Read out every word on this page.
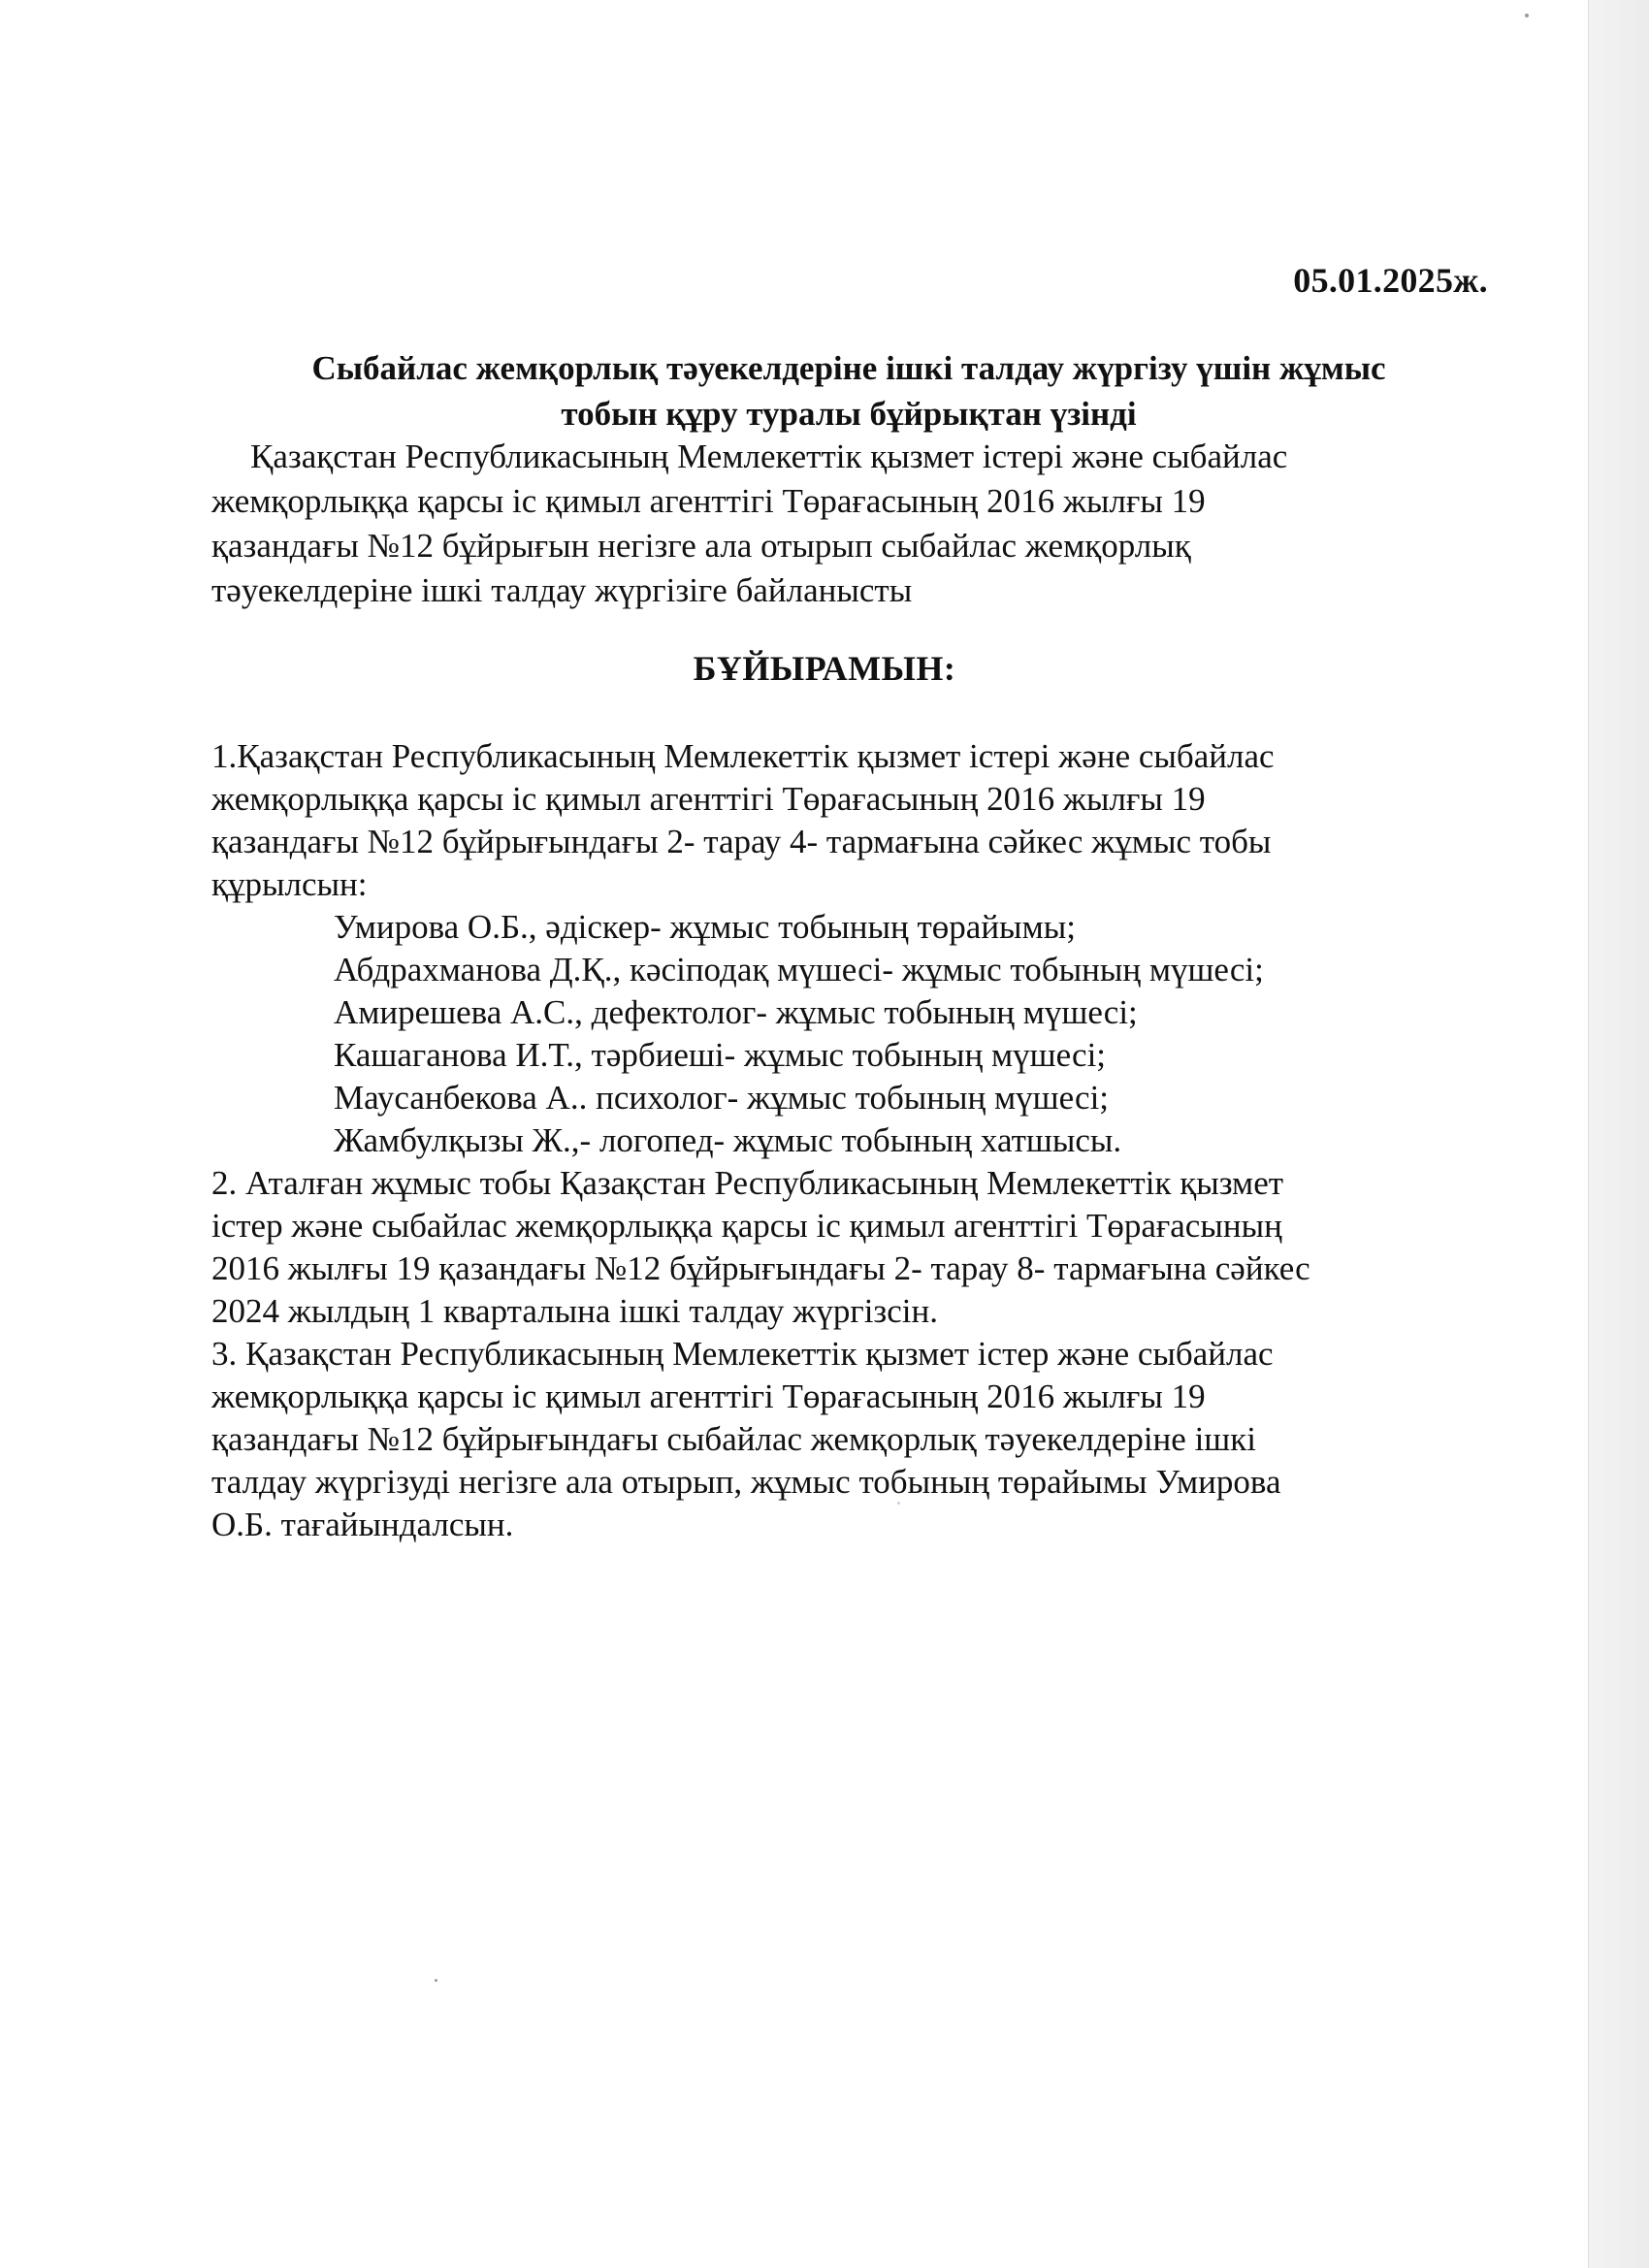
05.01.2025ж.
Сыбайлас жемқорлық тәуекелдеріне ішкі талдау жүргізу үшін жұмыс
тобын құру туралы бұйрықтан үзінді
Қазақстан Республикасының Мемлекеттік қызмет істері және сыбайлас
жемқорлыққа қарсы іс қимыл агенттігі Төрағасының 2016 жылғы 19
қазандағы №12 бұйрығын негізге ала отырып сыбайлас жемқорлық
тәуекелдеріне ішкі талдау жүргізігe байланысты
БҰЙЫРАМЫН:
1.Қазақстан Республикасының Мемлекеттік қызмет істері және сыбайлас
жемқорлыққа қарсы іс қимыл агенттігі Төрағасының 2016 жылғы 19
қазандағы №12 бұйрығындағы 2- тарау 4- тармағына сәйкес жұмыс тобы
құрылсын:
Умирова О.Б., әдіскер- жұмыс тобының төрайымы;
Абдрахманова Д.Қ., кәсіподақ мүшесі- жұмыс тобының мүшесі;
Амирешева А.С., дефектолог- жұмыс тобының мүшесі;
Кашаганова И.Т., тәрбиеші- жұмыс тобының мүшесі;
Маусанбекова А.. психолог- жұмыс тобының мүшесі;
Жамбулқызы Ж.,- логопед- жұмыс тобының хатшысы.
2. Аталған жұмыс тобы Қазақстан Республикасының Мемлекеттік қызмет
істер және сыбайлас жемқорлыққа қарсы іс қимыл агенттігі Төрағасының
2016 жылғы 19 қазандағы №12 бұйрығындағы 2- тарау 8- тармағына сәйкес
2024 жылдың 1 кварталына ішкі талдау жүргізсін.
3. Қазақстан Республикасының Мемлекеттік қызмет істер және сыбайлас
жемқорлыққа қарсы іс қимыл агенттігі Төрағасының 2016 жылғы 19
қазандағы №12 бұйрығындағы сыбайлас жемқорлық тәуекелдеріне ішкі
талдау жүргізуді негізге ала отырып, жұмыс тобының төрайымы Умирова
О.Б. тағайындалсын.
